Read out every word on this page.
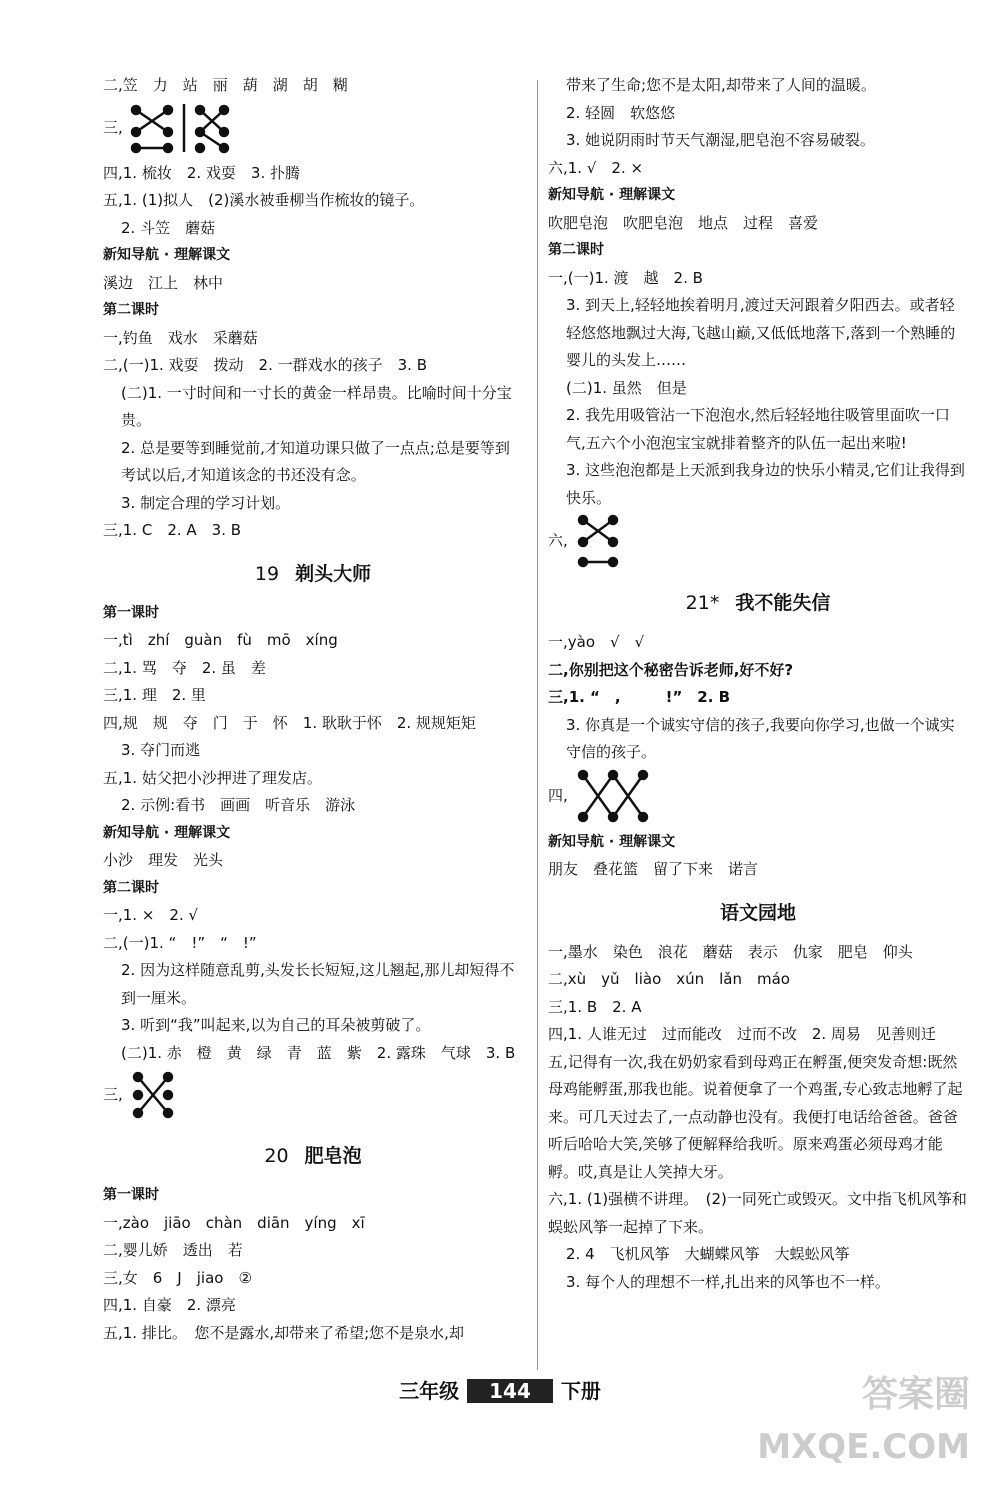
二,笠　力　站　丽　葫　湖　胡　糊
三,
四,1. 梳妆　2. 戏耍　3. 扑腾
五,1. (1)拟人　(2)溪水被垂柳当作梳妆的镜子。
2. 斗笠　蘑菇
新知导航 · 理解课文
溪边　江上　林中
第二课时
一,钓鱼　戏水　采蘑菇
二,(一)1. 戏耍　拨动　2. 一群戏水的孩子　3. B
(二)1. 一寸时间和一寸长的黄金一样昂贵。比喻时间十分宝贵。
2. 总是要等到睡觉前,才知道功课只做了一点点;总是要等到考试以后,才知道该念的书还没有念。
3. 制定合理的学习计划。
三,1. C　2. A　3. B
19 剃头大师
第一课时
一,tì　zhí　guàn　fù　mō　xíng
二,1. 骂　夺　2. 虽　差
三,1. 理　2. 里
四,规　规　夺　门　于　怀　1. 耿耿于怀　2. 规规矩矩
3. 夺门而逃
五,1. 姑父把小沙押进了理发店。
2. 示例:看书　画画　听音乐　游泳
新知导航 · 理解课文
小沙　理发　光头
第二课时
一,1. ×　2. √
二,(一)1. “　!”　“　!”
2. 因为这样随意乱剪,头发长长短短,这儿翘起,那儿却短得不到一厘米。
3. 听到“我”叫起来,以为自己的耳朵被剪破了。
(二)1. 赤　橙　黄　绿　青　蓝　紫　2. 露珠　气球　3. B
三,
20 肥皂泡
第一课时
一,zào　jiāo　chàn　diān　yíng　xī
二,婴儿娇　透出　若
三,女　6　J　jiao　②
四,1. 自豪　2. 漂亮
五,1. 排比。　您不是露水,却带来了希望;您不是泉水,却
带来了生命;您不是太阳,却带来了人间的温暖。
2. 轻圆　软悠悠
3. 她说阴雨时节天气潮湿,肥皂泡不容易破裂。
六,1. √　2. ×
新知导航 · 理解课文
吹肥皂泡　吹肥皂泡　地点　过程　喜爱
第二课时
一,(一)1. 渡　越　2. B
3. 到天上,轻轻地挨着明月,渡过天河跟着夕阳西去。或者轻轻悠悠地飘过大海,飞越山巅,又低低地落下,落到一个熟睡的婴儿的头发上……
(二)1. 虽然　但是
2. 我先用吸管沾一下泡泡水,然后轻轻地往吸管里面吹一口气,五六个小泡泡宝宝就排着整齐的队伍一起出来啦!
3. 这些泡泡都是上天派到我身边的快乐小精灵,它们让我得到快乐。
六,
21* 我不能失信
一,yào　√　√
二,你别把这个秘密告诉老师,好不好?
三,1. “　,　　　!”　2. B
3. 你真是一个诚实守信的孩子,我要向你学习,也做一个诚实守信的孩子。
四,
新知导航 · 理解课文
朋友　叠花篮　留了下来　诺言
语文园地
一,墨水　染色　浪花　蘑菇　表示　仇家　肥皂　仰头
二,xù　yǔ　liào　xún　lǎn　máo
三,1. B　2. A
四,1. 人谁无过　过而能改　过而不改　2. 周易　见善则迁
五,记得有一次,我在奶奶家看到母鸡正在孵蛋,便突发奇想:既然母鸡能孵蛋,那我也能。说着便拿了一个鸡蛋,专心致志地孵了起来。可几天过去了,一点动静也没有。我便打电话给爸爸。爸爸听后哈哈大笑,笑够了便解释给我听。原来鸡蛋必须母鸡才能孵。哎,真是让人笑掉大牙。
六,1. (1)强横不讲理。　(2)一同死亡或毁灭。文中指飞机风筝和蜈蚣风筝一起掉了下来。
2. 4　飞机风筝　大蝴蝶风筝　大蜈蚣风筝
3. 每个人的理想不一样,扎出来的风筝也不一样。
三年级 144 下册	答案圈
MXQE.COM
